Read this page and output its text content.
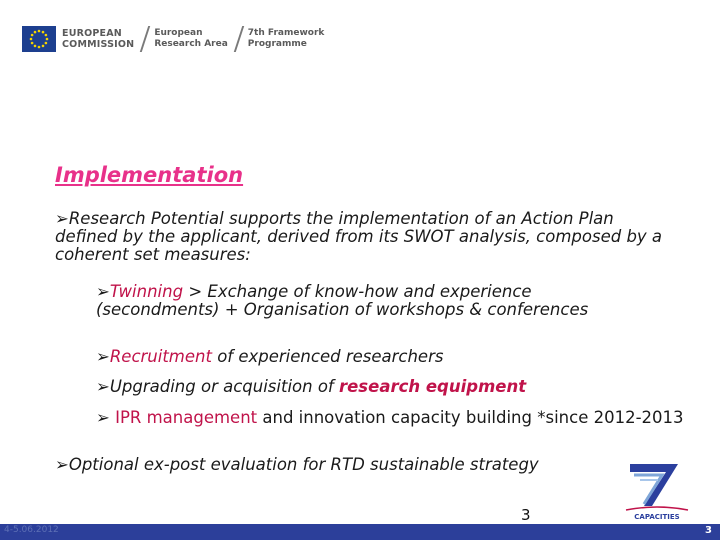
EUROPEAN
COMMISSION
European
Research Area
7th Framework
Programme
Implementation
➢Research Potential supports the implementation of an Action Plan defined by the applicant, derived from its SWOT analysis, composed by a coherent set measures:
➢Twinning > Exchange of know-how and experience (secondments) + Organisation of workshops & conferences
➢Recruitment of experienced researchers
➢Upgrading or acquisition of research equipment
➢ IPR management and innovation capacity building *since 2012-2013
➢Optional ex-post evaluation for RTD sustainable strategy
3	CAPACITIES
4-5.06.2012	3
